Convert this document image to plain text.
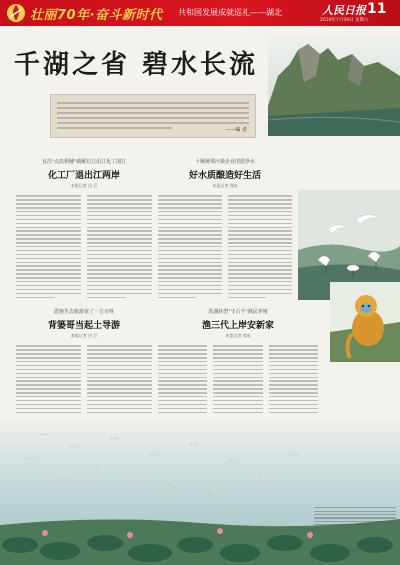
壮丽70年·奋斗新时代 共和国发展成就巡礼——湖北	人民日报 11
2019年7月29日 星期六
千湖之省 碧水长流
——编 者
宜昌"点改相辅"破解长江沿江化工围江
化工厂退出江两岸
本报记者 田 豆
十堰统筹污染企业清淤净水
好水质酿造好生活
本报记者 郑成
恩施生态旅游富了一方百姓
背篓哥当起土导游
本报记者 田 豆
洪湖转型"守占不"渔民养殖
渔三代上岸安新家
本报记者 郑成
版式设计：蔡 华
